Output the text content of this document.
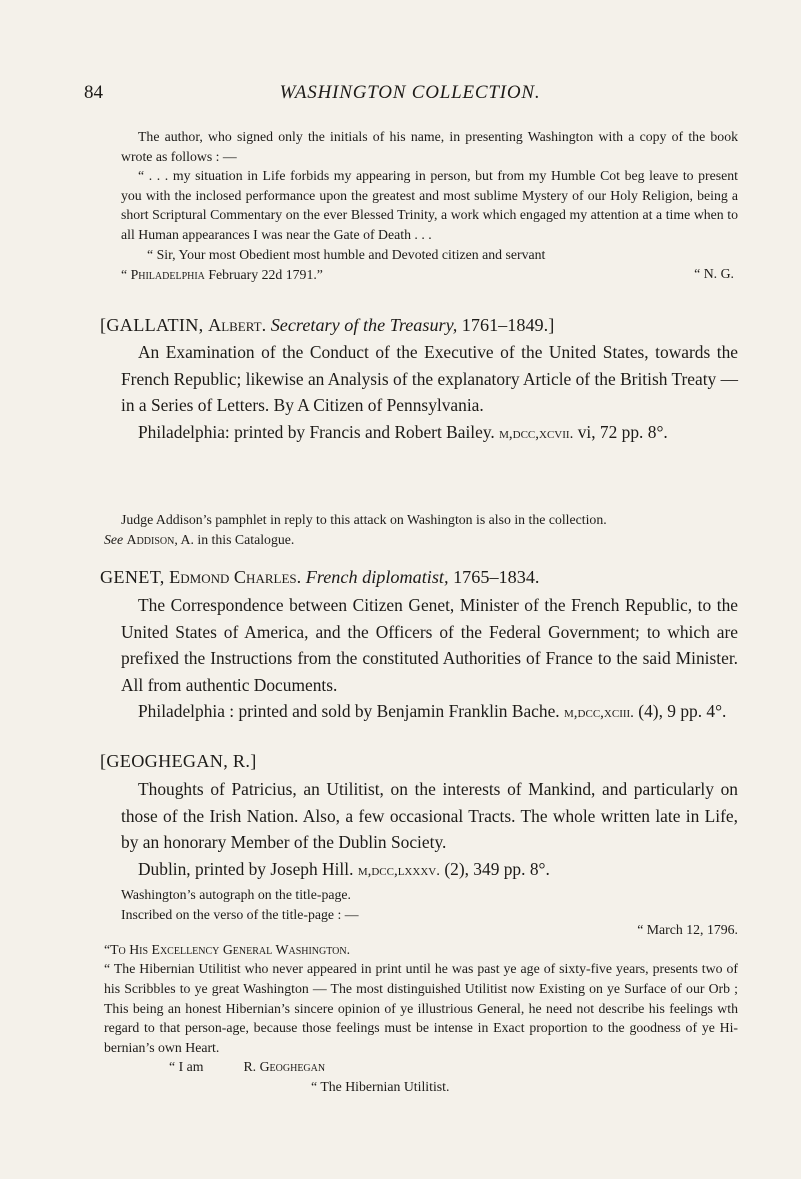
84	WASHINGTON COLLECTION.

The author, who signed only the initials of his name, in presenting Washington with a copy of the book wrote as follows : —

“ . . . my situation in Life forbids my appearing in person, but from my Humble Cot beg leave to present you with the inclosed performance upon the greatest and most sublime Mystery of our Holy Religion, being a short Scriptural Commentary on the ever Blessed Trinity, a work which engaged my attention at a time when to all Human appearances I was near the Gate of Death . . .

“ Sir, Your most Obedient most humble and Devoted citizen and servant

“ N. G.

“ Philadelphia February 22d 1791.”

[GALLATIN, Albert. Secretary of the Treasury, 1761–1849.]

An Examination of the Conduct of the Executive of the United States, towards the French Republic; likewise an Analysis of the explanatory Article of the British Treaty — in a Series of Letters. By A Citizen of Pennsylvania.

Philadelphia: printed by Francis and Robert Bailey. m,dcc,xcvii. vi, 72 pp. 8°.

Judge Addison’s pamphlet in reply to this attack on Washington is also in the collection.

See Addison, A. in this Catalogue.

GENET, Edmond Charles. French diplomatist, 1765–1834.

The Correspondence between Citizen Genet, Minister of the French Republic, to the United States of America, and the Officers of the Federal Government; to which are prefixed the Instructions from the constituted Authorities of France to the said Minister. All from authentic Documents.

Philadelphia : printed and sold by Benjamin Franklin Bache. m,dcc,xciii. (4), 9 pp. 4°.

[GEOGHEGAN, R.]

Thoughts of Patricius, an Utilitist, on the interests of Mankind, and particularly on those of the Irish Nation. Also, a few occasional Tracts. The whole written late in Life, by an honorary Member of the Dublin Society.

Dublin, printed by Joseph Hill. m,dcc,lxxxv. (2), 349 pp. 8°.

Washington’s autograph on the title-page.

Inscribed on the verso of the title-page : —

“ March 12, 1796.

“To His Excellency General Washington.

“ The Hibernian Utilitist who never appeared in print until he was past ye age of sixty-five years, presents two of his Scribbles to ye great Washington — The most distinguished Utilitist now Existing on ye Surface of our Orb ; This being an honest Hibernian’s sincere opinion of ye illustrious General, he need not describe his feelings wth regard to that person-age, because those feelings must be intense in Exact proportion to the goodness of ye Hi-bernian’s own Heart.

“ I am	R. Geoghegan

“ The Hibernian Utilitist.
